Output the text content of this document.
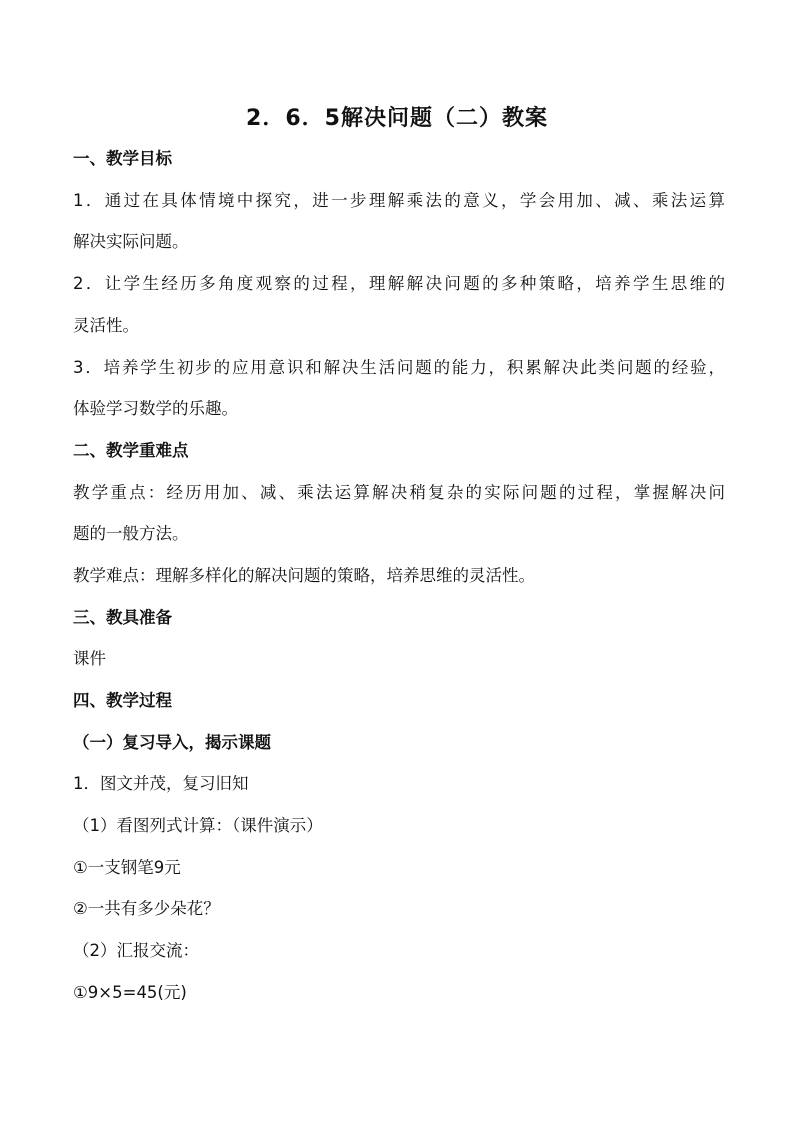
2．6．5解决问题（二）教案
一、教学目标
1．通过在具体情境中探究，进一步理解乘法的意义，学会用加、减、乘法运算
解决实际问题。
2．让学生经历多角度观察的过程，理解解决问题的多种策略，培养学生思维的
灵活性。
3．培养学生初步的应用意识和解决生活问题的能力，积累解决此类问题的经验，
体验学习数学的乐趣。
二、教学重难点
教学重点：经历用加、减、乘法运算解决稍复杂的实际问题的过程，掌握解决问
题的一般方法。
教学难点：理解多样化的解决问题的策略，培养思维的灵活性。
三、教具准备
课件
四、教学过程
（一）复习导入，揭示课题
1．图文并茂，复习旧知
（1）看图列式计算：（课件演示）
①一支钢笔9元
②一共有多少朵花？
（2）汇报交流：
①9×5=45(元)
